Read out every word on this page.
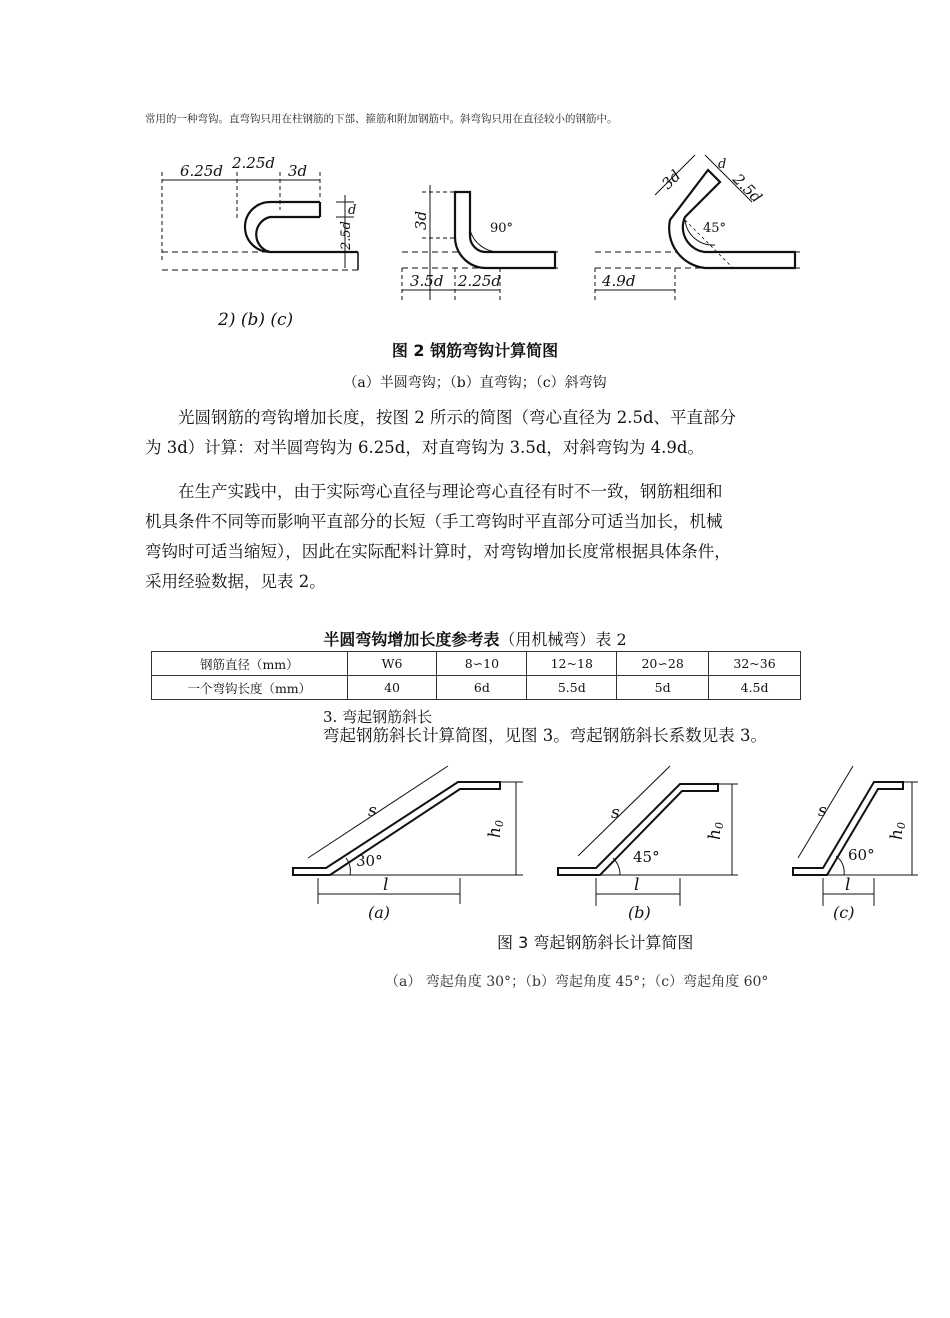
常用的一种弯钩。直弯钩只用在柱钢筋的下部、箍筋和附加钢筋中。斜弯钩只用在直径较小的钢筋中。
6.25d 2.25d 3d
d
2.5d
3d	90°
3.5d 2.25d
3d
d
2.5d
45°
4.9d
2) (b) (c)
图 2 钢筋弯钩计算简图
（a）半圆弯钩；（b）直弯钩；（c）斜弯钩

光圆钢筋的弯钩增加长度，按图 2 所示的简图（弯心直径为 2.5d、平直部分

为 3d）计算：对半圆弯钩为 6.25d，对直弯钩为 3.5d，对斜弯钩为 4.9d。

在生产实践中，由于实际弯心直径与理论弯心直径有时不一致，钢筋粗细和

机具条件不同等而影响平直部分的长短（手工弯钩时平直部分可适当加长，机械

弯钩时可适当缩短），因此在实际配料计算时，对弯钩增加长度常根据具体条件，

采用经验数据，见表 2。

半圆弯钩增加长度参考表（用机械弯）表 2
钢筋直径（mm）	W6	8∽10	12~18	20∽28	32~36
一个弯钩长度（mm）	40	6d	5.5d	5d	4.5d
3. 弯起钢筋斜长
弯起钢筋斜长计算简图，见图 3。弯起钢筋斜长系数见表 3。
s
30°
l
h0
(a)
s
45°
l
h0
(b)
s
60°
l
h0
(c)
图 3 弯起钢筋斜长计算简图
（a） 弯起角度 30°；（b）弯起角度 45°；（c）弯起角度 60°
